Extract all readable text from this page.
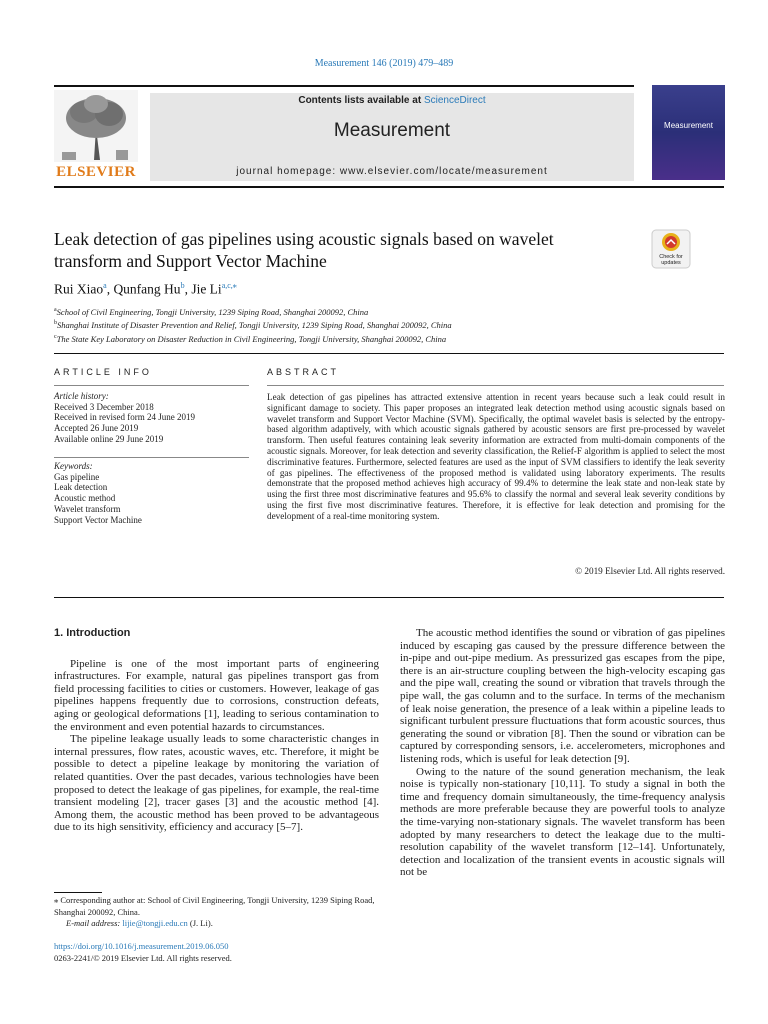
Measurement 146 (2019) 479–489
ELSEVIER
Contents lists available at ScienceDirect
Measurement
journal homepage: www.elsevier.com/locate/measurement
Measurement
Leak detection of gas pipelines using acoustic signals based on wavelet
transform and Support Vector Machine	Check for updates
Rui Xiao$^a$, Qunfang Hu$^b$, Jie $Li^{a,c,⁎}$
$^a$School of Civil Engineering, Tongji University, 1239 Siping Road, Shanghai 200092, China
$^b$Shanghai Institute of Disaster Prevention and Relief, Tongji University, 1239 Siping Road, Shanghai 200092, China
$^c$The State Key Laboratory on Disaster Reduction in Civil Engineering, Tongji University, Shanghai 200092, China
ARTICLE INFO
Article history:
Received 3 December 2018
Received in revised form 24 June 2019
Accepted 26 June 2019
Available online 29 June 2019
Keywords:
Gas pipeline
Leak detection
Acoustic method
Wavelet transform
Support Vector Machine
ABSTRACT
Leak detection of gas pipelines has attracted extensive attention in recent years because such a leak could result in significant damage to society. This paper proposes an integrated leak detection method using acoustic signals based on wavelet transform and Support Vector Machine (SVM). Specifically, the optimal wavelet basis is selected by the entropy-based algorithm adaptively, with which acoustic signals gathered by acoustic sensors are first pre-processed by wavelet transform. Then useful features containing leak severity information are extracted from multi-domain components of the acoustic signals. Moreover, for leak detection and severity classification, the Relief-F algorithm is applied to select the most discriminative features. Furthermore, selected features are used as the input of SVM classifiers to identify the leak severity of gas pipelines. The effectiveness of the proposed method is validated using laboratory experiments. The results demonstrate that the proposed method achieves high accuracy of 99.4% to determine the leak state and non-leak state by using the first three most discriminative features and 95.6% to classify the normal and several leak severity conditions by using the first five most discriminative features. Therefore, it is effective for leak detection and promising for the development of a real-time monitoring system.
© 2019 Elsevier Ltd. All rights reserved.
1. Introduction

Pipeline is one of the most important parts of engineering infrastructures. For example, natural gas pipelines transport gas from field processing facilities to cities or customers. However, leakage of gas pipelines happens frequently due to corrosions, construction defeats, aging or geological deformations [1], leading to serious contamination to the environment and even potential hazards to circumstances.

The pipeline leakage usually leads to some characteristic changes in internal pressures, flow rates, acoustic waves, etc. Therefore, it might be possible to detect a pipeline leakage by monitoring the variation of related quantities. Over the past decades, various technologies have been proposed to detect the leakage of gas pipelines, for example, the real-time transient modeling [2], tracer gases [3] and the acoustic method [4]. Among them, the acoustic method has been proved to be advantageous due to its high sensitivity, efficiency and accuracy [5–7].

The acoustic method identifies the sound or vibration of gas pipelines induced by escaping gas caused by the pressure difference between the in-pipe and out-pipe medium. As pressurized gas escapes from the pipe, there is an air-structure coupling between the high-velocity escaping gas and the pipe wall, creating the sound or vibration that travels through the pipe wall, the gas column and to the surface. In terms of the mechanism of leak noise generation, the presence of a leak within a pipeline leads to significant turbulent pressure fluctuations that form acoustic sources, thus generating the sound or vibration [8]. Then the sound or vibration can be captured by corresponding sensors, i.e. accelerometers, microphones and listening rods, which is useful for leak detection [9].

Owing to the nature of the sound generation mechanism, the leak noise is typically non-stationary [10,11]. To study a signal in both the time and frequency domain simultaneously, the time-frequency analysis methods are more preferable because they are powerful tools to analyze the time-varying non-stationary signals. The wavelet transform has been adopted by many researchers to detect the leakage due to the multi-resolution capability of the wavelet transform [12–14]. Unfortunately, detection and localization of the transient events in acoustic signals will not be

⁎ Corresponding author at: School of Civil Engineering, Tongji University, 1239 Siping Road, Shanghai 200092, China.
E-mail address: lijie@tongji.edu.cn (J. Li).
https://doi.org/10.1016/j.measurement.2019.06.050
0263-2241/© 2019 Elsevier Ltd. All rights reserved.
